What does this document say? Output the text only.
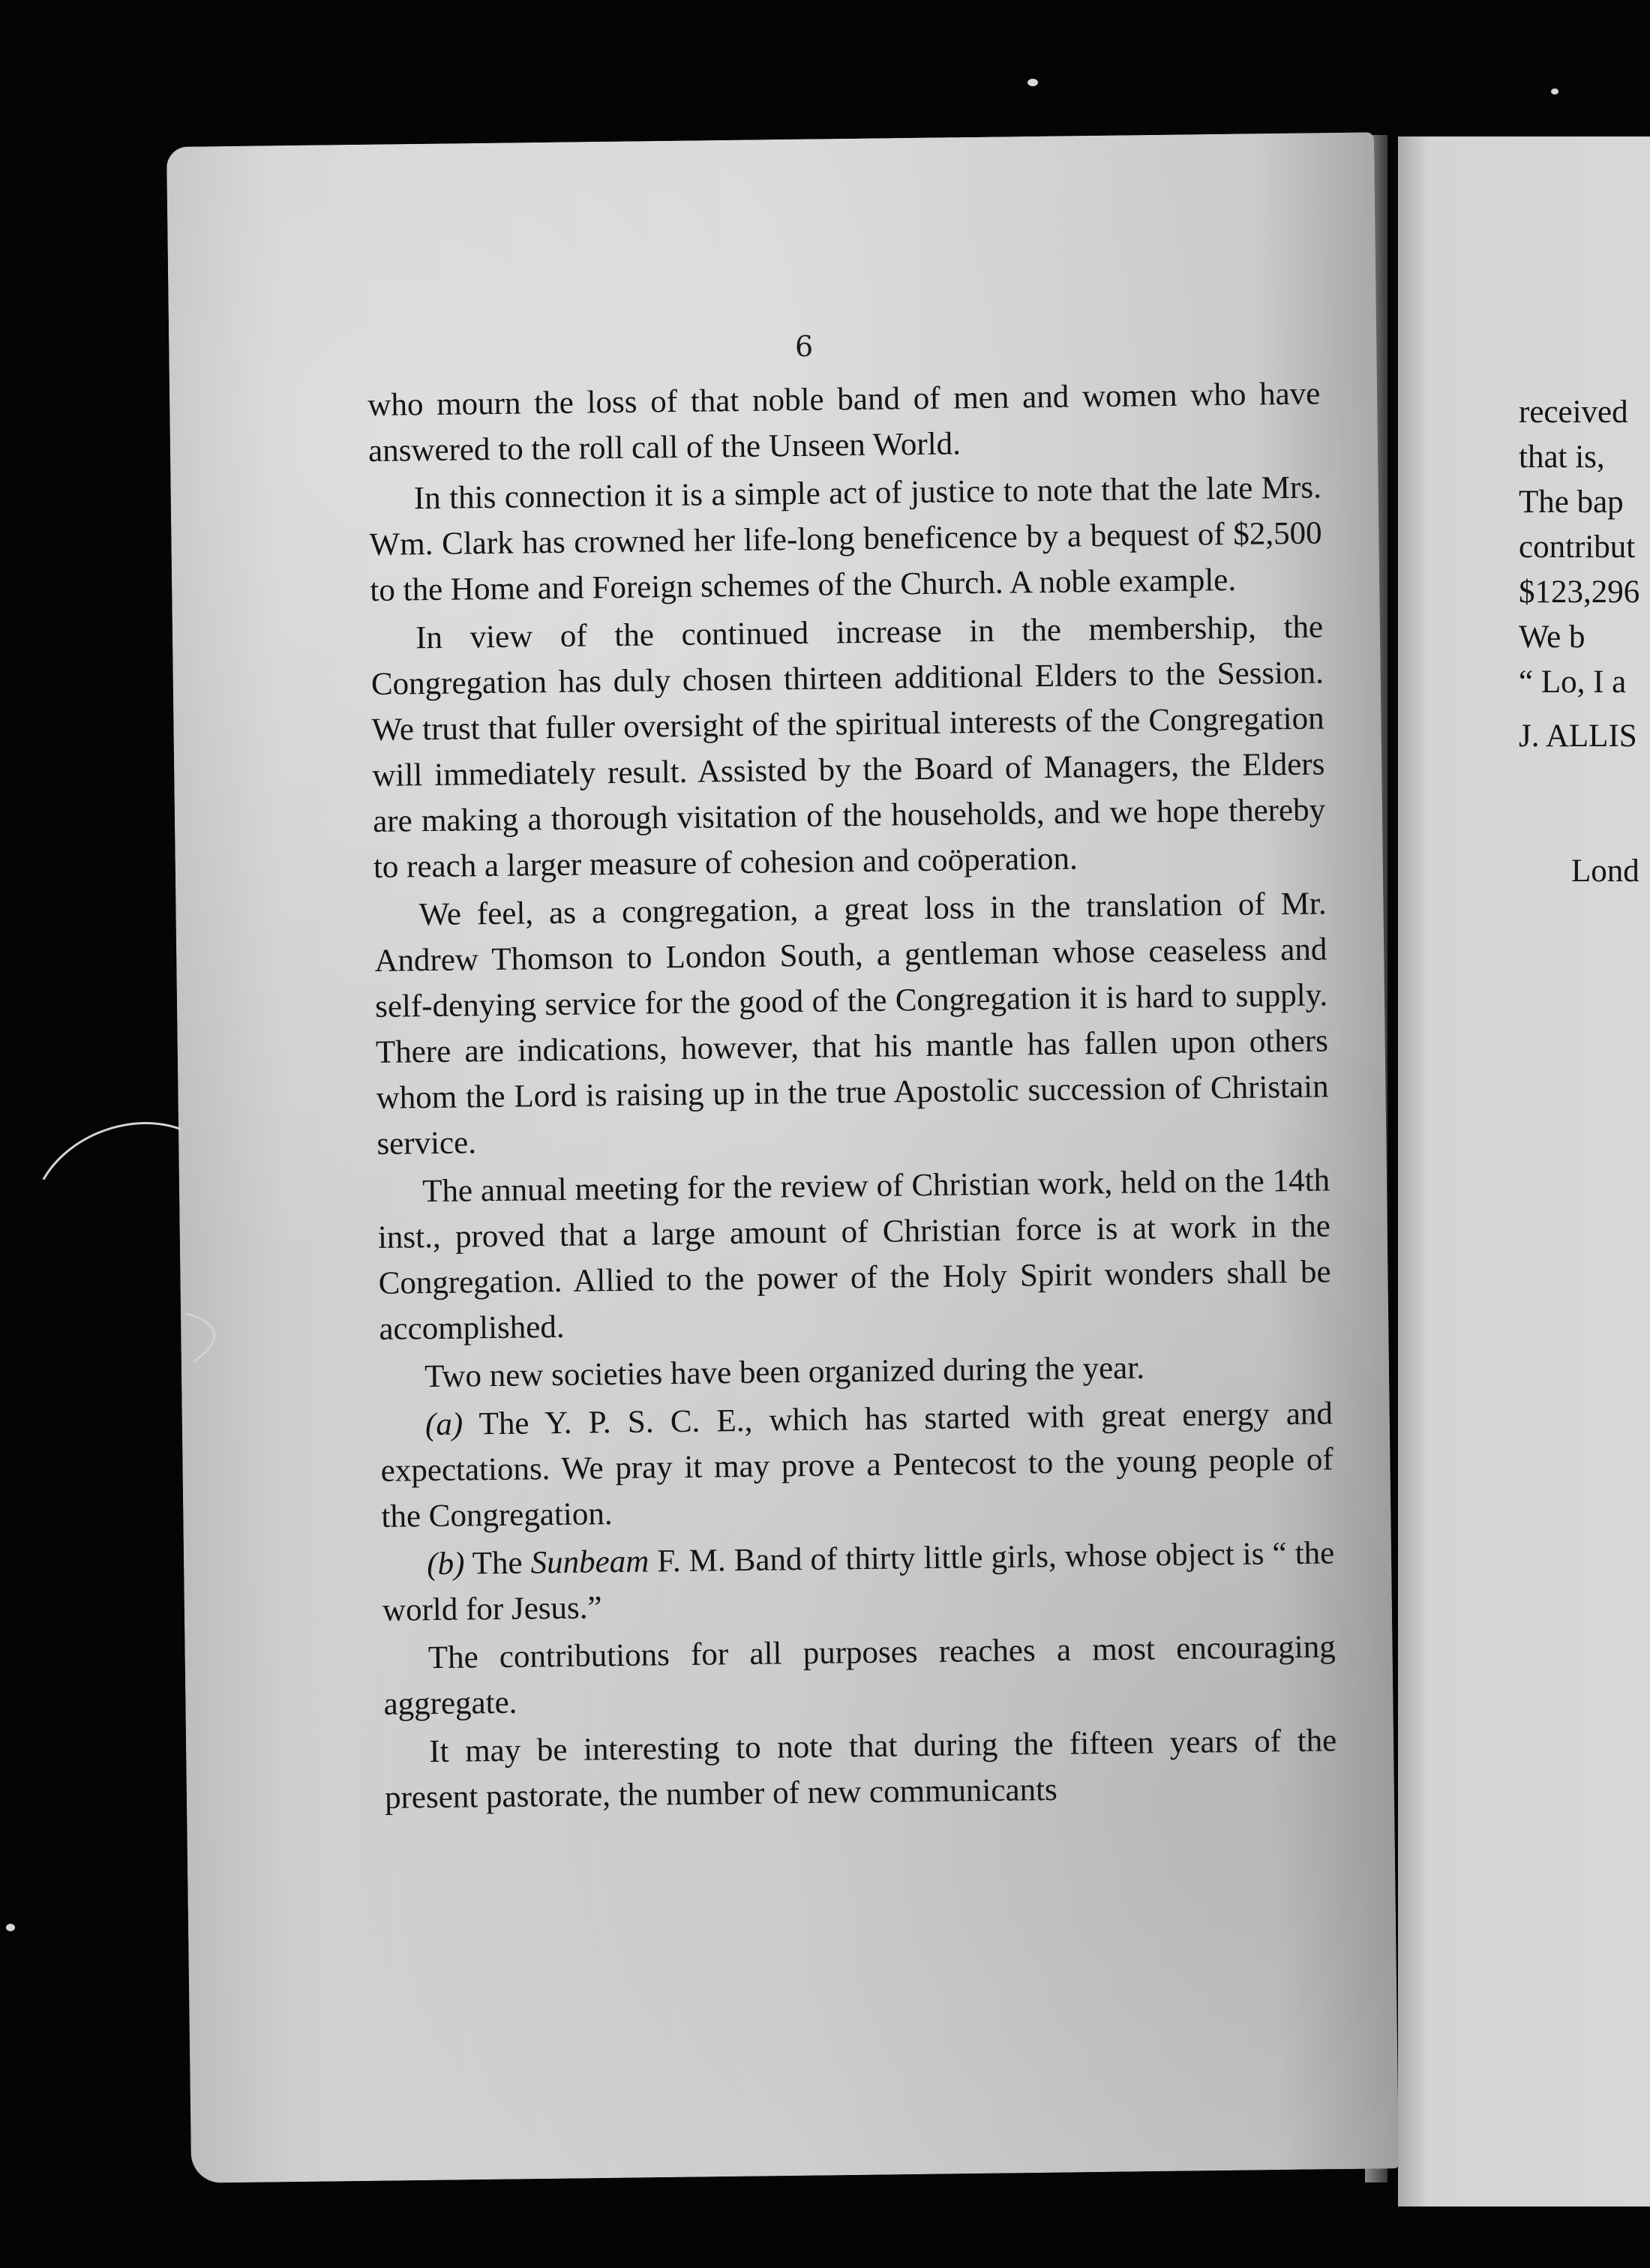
6

who mourn the loss of that noble band of men and women who have answered to the roll call of the Unseen World.

In this connection it is a simple act of justice to note that the late Mrs. Wm. Clark has crowned her life-long beneficence by a bequest of $2,500 to the Home and Foreign schemes of the Church. A noble example.

In view of the continued increase in the membership, the Congregation has duly chosen thirteen additional Elders to the Session. We trust that fuller oversight of the spiritual interests of the Congregation will immediately result. Assisted by the Board of Managers, the Elders are making a thorough visitation of the households, and we hope thereby to reach a larger measure of cohesion and coöperation.

We feel, as a congregation, a great loss in the translation of Mr. Andrew Thomson to London South, a gentleman whose ceaseless and self-denying service for the good of the Congregation it is hard to supply. There are indications, however, that his mantle has fallen upon others whom the Lord is raising up in the true Apostolic succession of Christain service.

The annual meeting for the review of Christian work, held on the 14th inst., proved that a large amount of Christian force is at work in the Congregation. Allied to the power of the Holy Spirit wonders shall be accomplished.

Two new societies have been organized during the year.

(a) The Y. P. S. C. E., which has started with great energy and expectations. We pray it may prove a Pentecost to the young people of the Congregation.

(b) The Sunbeam F. M. Band of thirty little girls, whose object is “ the world for Jesus.”

The contributions for all purposes reaches a most encouraging aggregate.

It may be interesting to note that during the fifteen years of the present pastorate, the number of new communicants

received
that is,
The bap
contribut
$123,296
We b
“ Lo, I a
J. ALLIS
Lond
